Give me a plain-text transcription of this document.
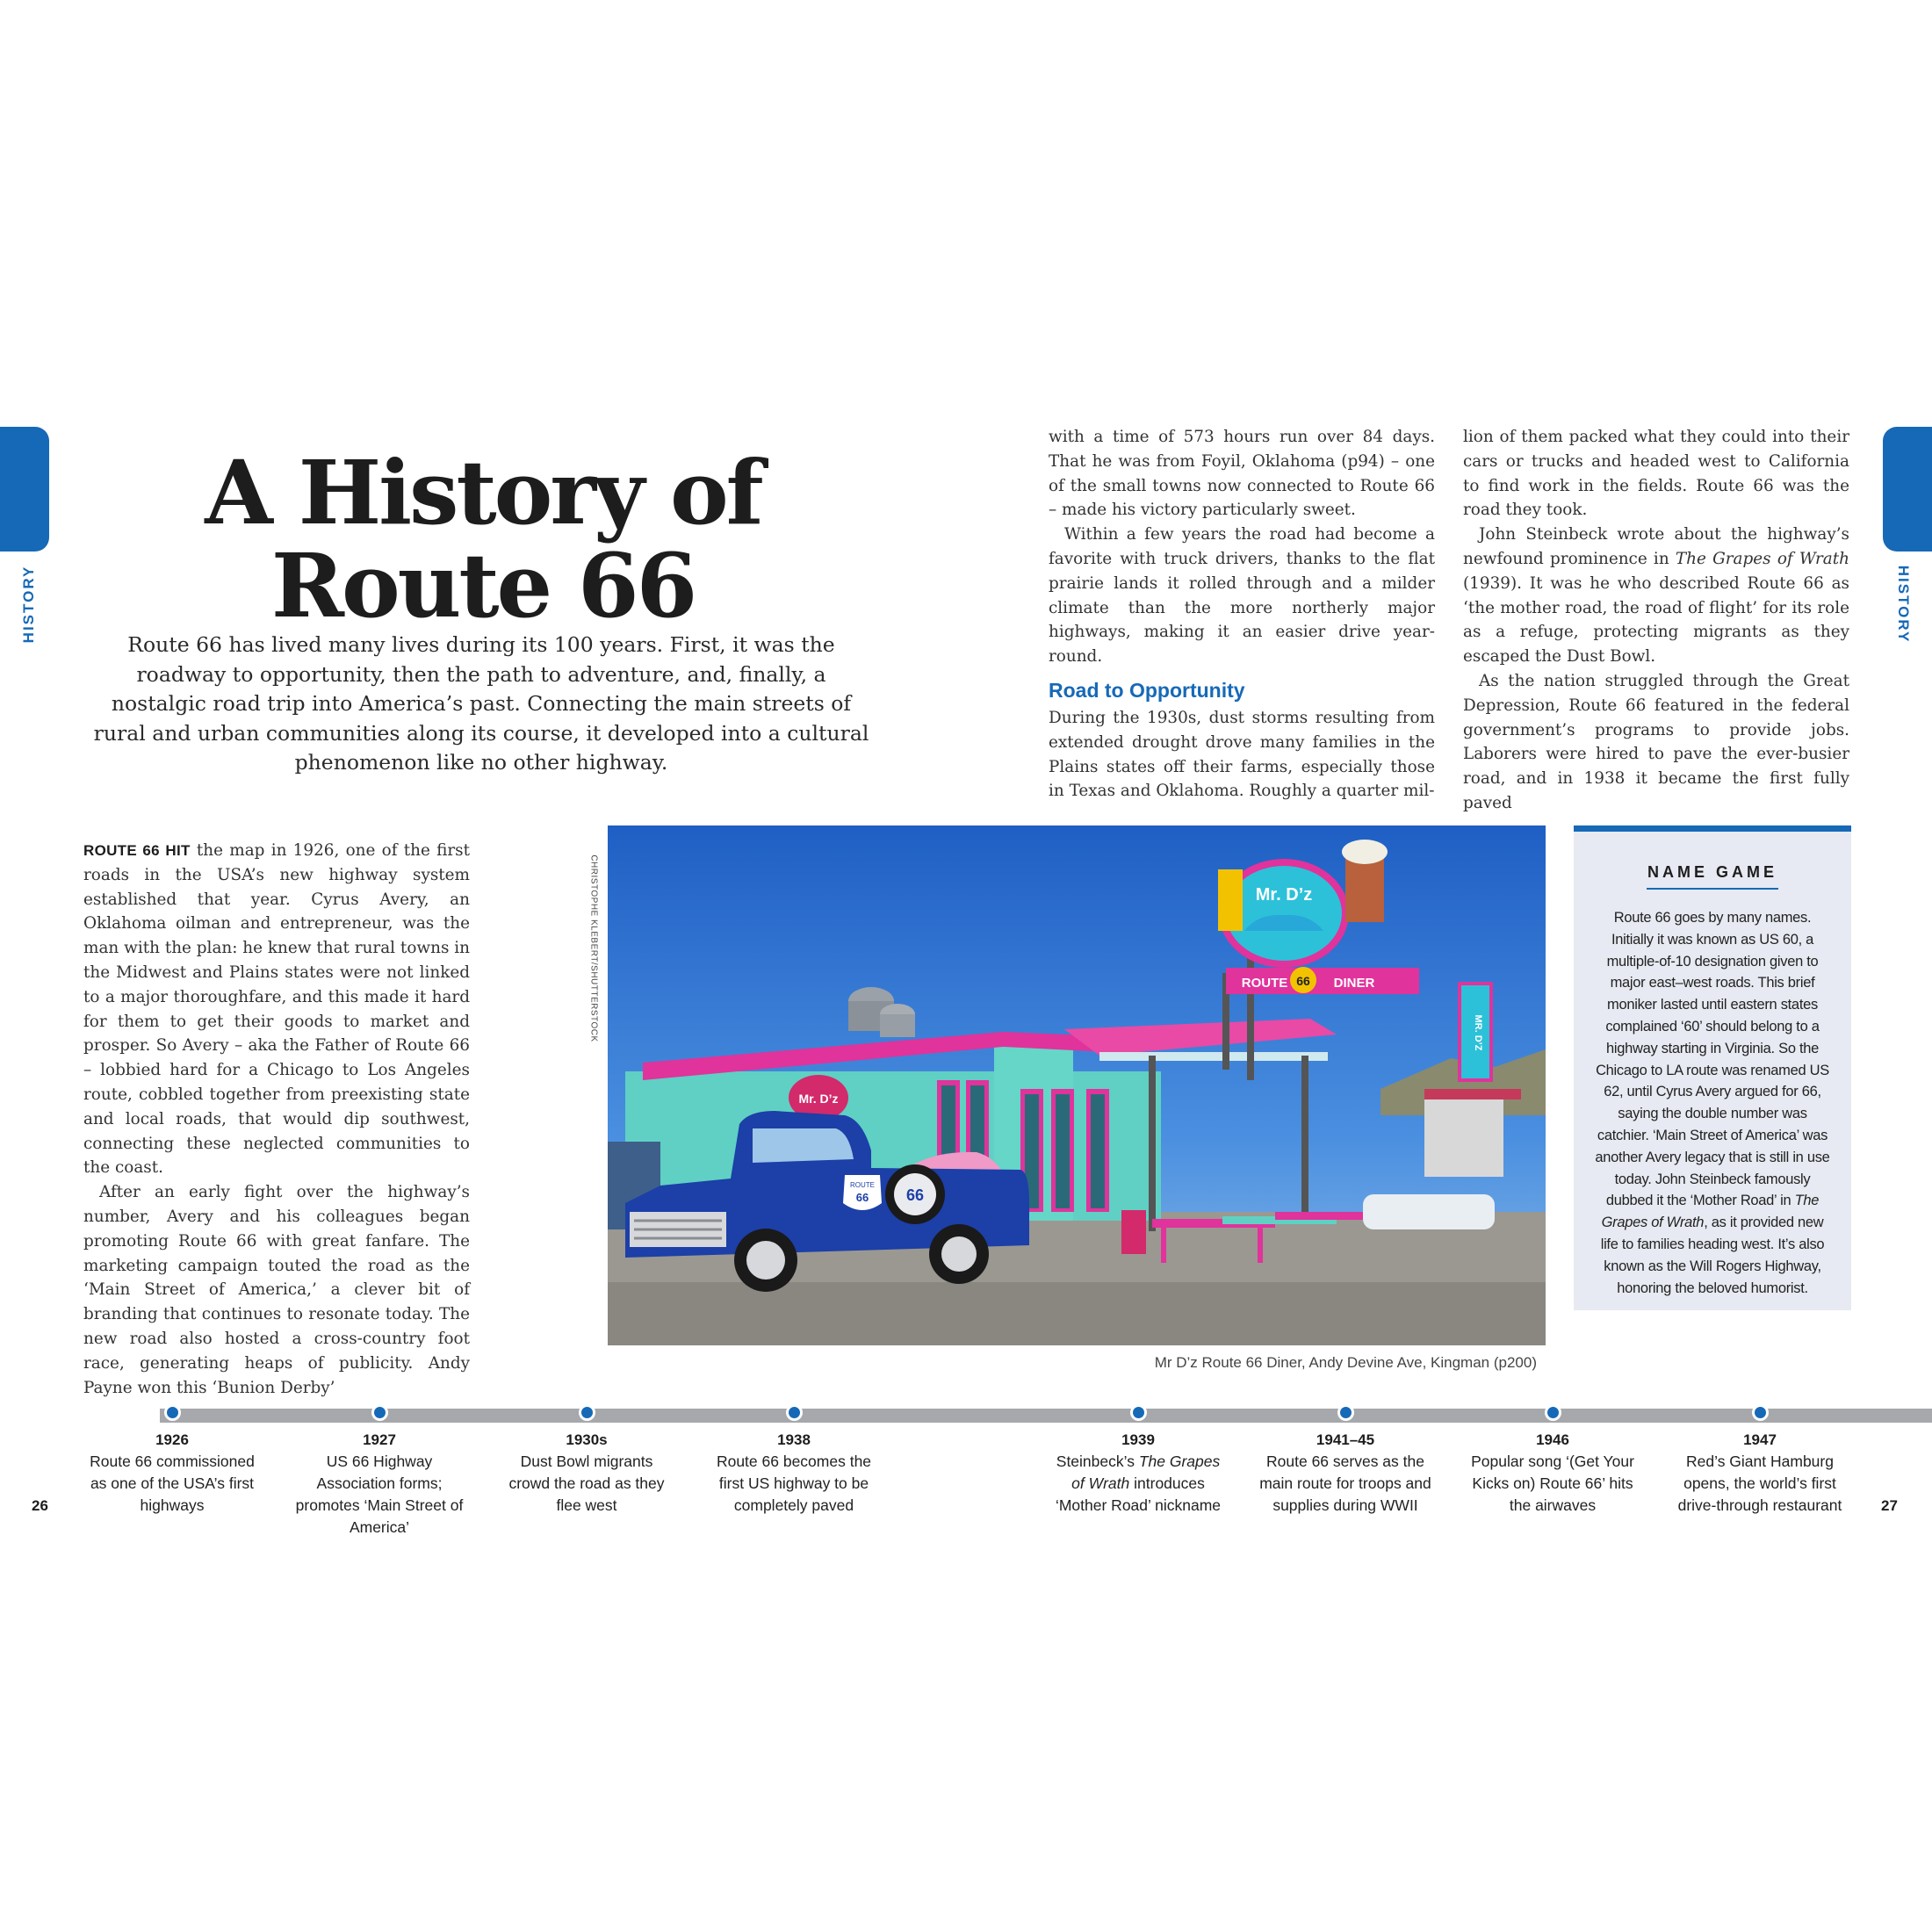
HISTORY	HISTORY
A History of
Route 66

Route 66 has lived many lives during its 100 years. First, it was the roadway to opportunity, then the path to adventure, and, finally, a nostalgic road trip into America’s past. Connecting the main streets of rural and urban communities along its course, it developed into a cultural phenomenon like no other highway.

ROUTE 66 HIT the map in 1926, one of the first roads in the USA’s new highway system established that year. Cyrus Avery, an Oklahoma oilman and entrepreneur, was the man with the plan: he knew that rural towns in the Midwest and Plains states were not linked to a major thoroughfare, and this made it hard for them to get their goods to market and prosper. So Avery – aka the Father of Route 66 – lobbied hard for a Chicago to Los Angeles route, cobbled together from preexisting state and local roads, that would dip southwest, connecting these neglected communities to the coast.

After an early fight over the highway’s number, Avery and his colleagues began promoting Route 66 with great fanfare. The marketing campaign touted the road as the ‘Main Street of America,’ a clever bit of branding that continues to resonate today. The new road also hosted a cross-country foot race, generating heaps of publicity. Andy Payne won this ‘Bunion Derby’

with a time of 573 hours run over 84 days. That he was from Foyil, Oklahoma (p94) – one of the small towns now connected to Route 66 – made his victory particularly sweet.

Within a few years the road had become a favorite with truck drivers, thanks to the flat prairie lands it rolled through and a milder climate than the more northerly major highways, making it an easier drive year-round.

Road to Opportunity

During the 1930s, dust storms resulting from extended drought drove many families in the Plains states off their farms, especially those in Texas and Oklahoma. Roughly a quarter mil-

lion of them packed what they could into their cars or trucks and headed west to California to find work in the fields. Route 66 was the road they took.

John Steinbeck wrote about the highway’s newfound prominence in The Grapes of Wrath (1939). It was he who described Route 66 as ‘the mother road, the road of flight’ for its role as a refuge, protecting migrants as they escaped the Dust Bowl.

As the nation struggled through the Great Depression, Route 66 featured in the federal government’s programs to provide jobs. Laborers were hired to pave the ever-busier road, and in 1938 it became the first fully paved

CHRISTOPHE KLEBERT/SHUTTERSTOCK
Mr. D’z
ROUTE 66 DINER
Mr. D’z
MR. D’Z
66
ROUTE
66
Mr D’z Route 66 Diner, Andy Devine Ave, Kingman (p200)
NAME GAME
Route 66 goes by many names. Initially it was known as US 60, a multiple-of-10 designation given to major east–west roads. This brief moniker lasted until eastern states complained ‘60’ should belong to a highway starting in Virginia. So the Chicago to LA route was renamed US 62, until Cyrus Avery argued for 66, saying the double number was catchier. ‘Main Street of America’ was another Avery legacy that is still in use today. John Steinbeck famously dubbed it the ‘Mother Road’ in The Grapes of Wrath, as it provided new life to families heading west. It’s also known as the Will Rogers Highway, honoring the beloved humorist.
1926
Route 66 commissioned as one of the USA’s first highways
1927
US 66 Highway Association forms; promotes ‘Main Street of America’
1930s
Dust Bowl migrants crowd the road as they flee west
1938
Route 66 becomes the first US highway to be completely paved
1939
Steinbeck’s The Grapes of Wrath introduces ‘Mother Road’ nickname
1941–45
Route 66 serves as the main route for troops and supplies during WWII
1946
Popular song ‘(Get Your Kicks on) Route 66’ hits the airwaves
1947
Red’s Giant Hamburg opens, the world’s first drive-through restaurant
26	27
